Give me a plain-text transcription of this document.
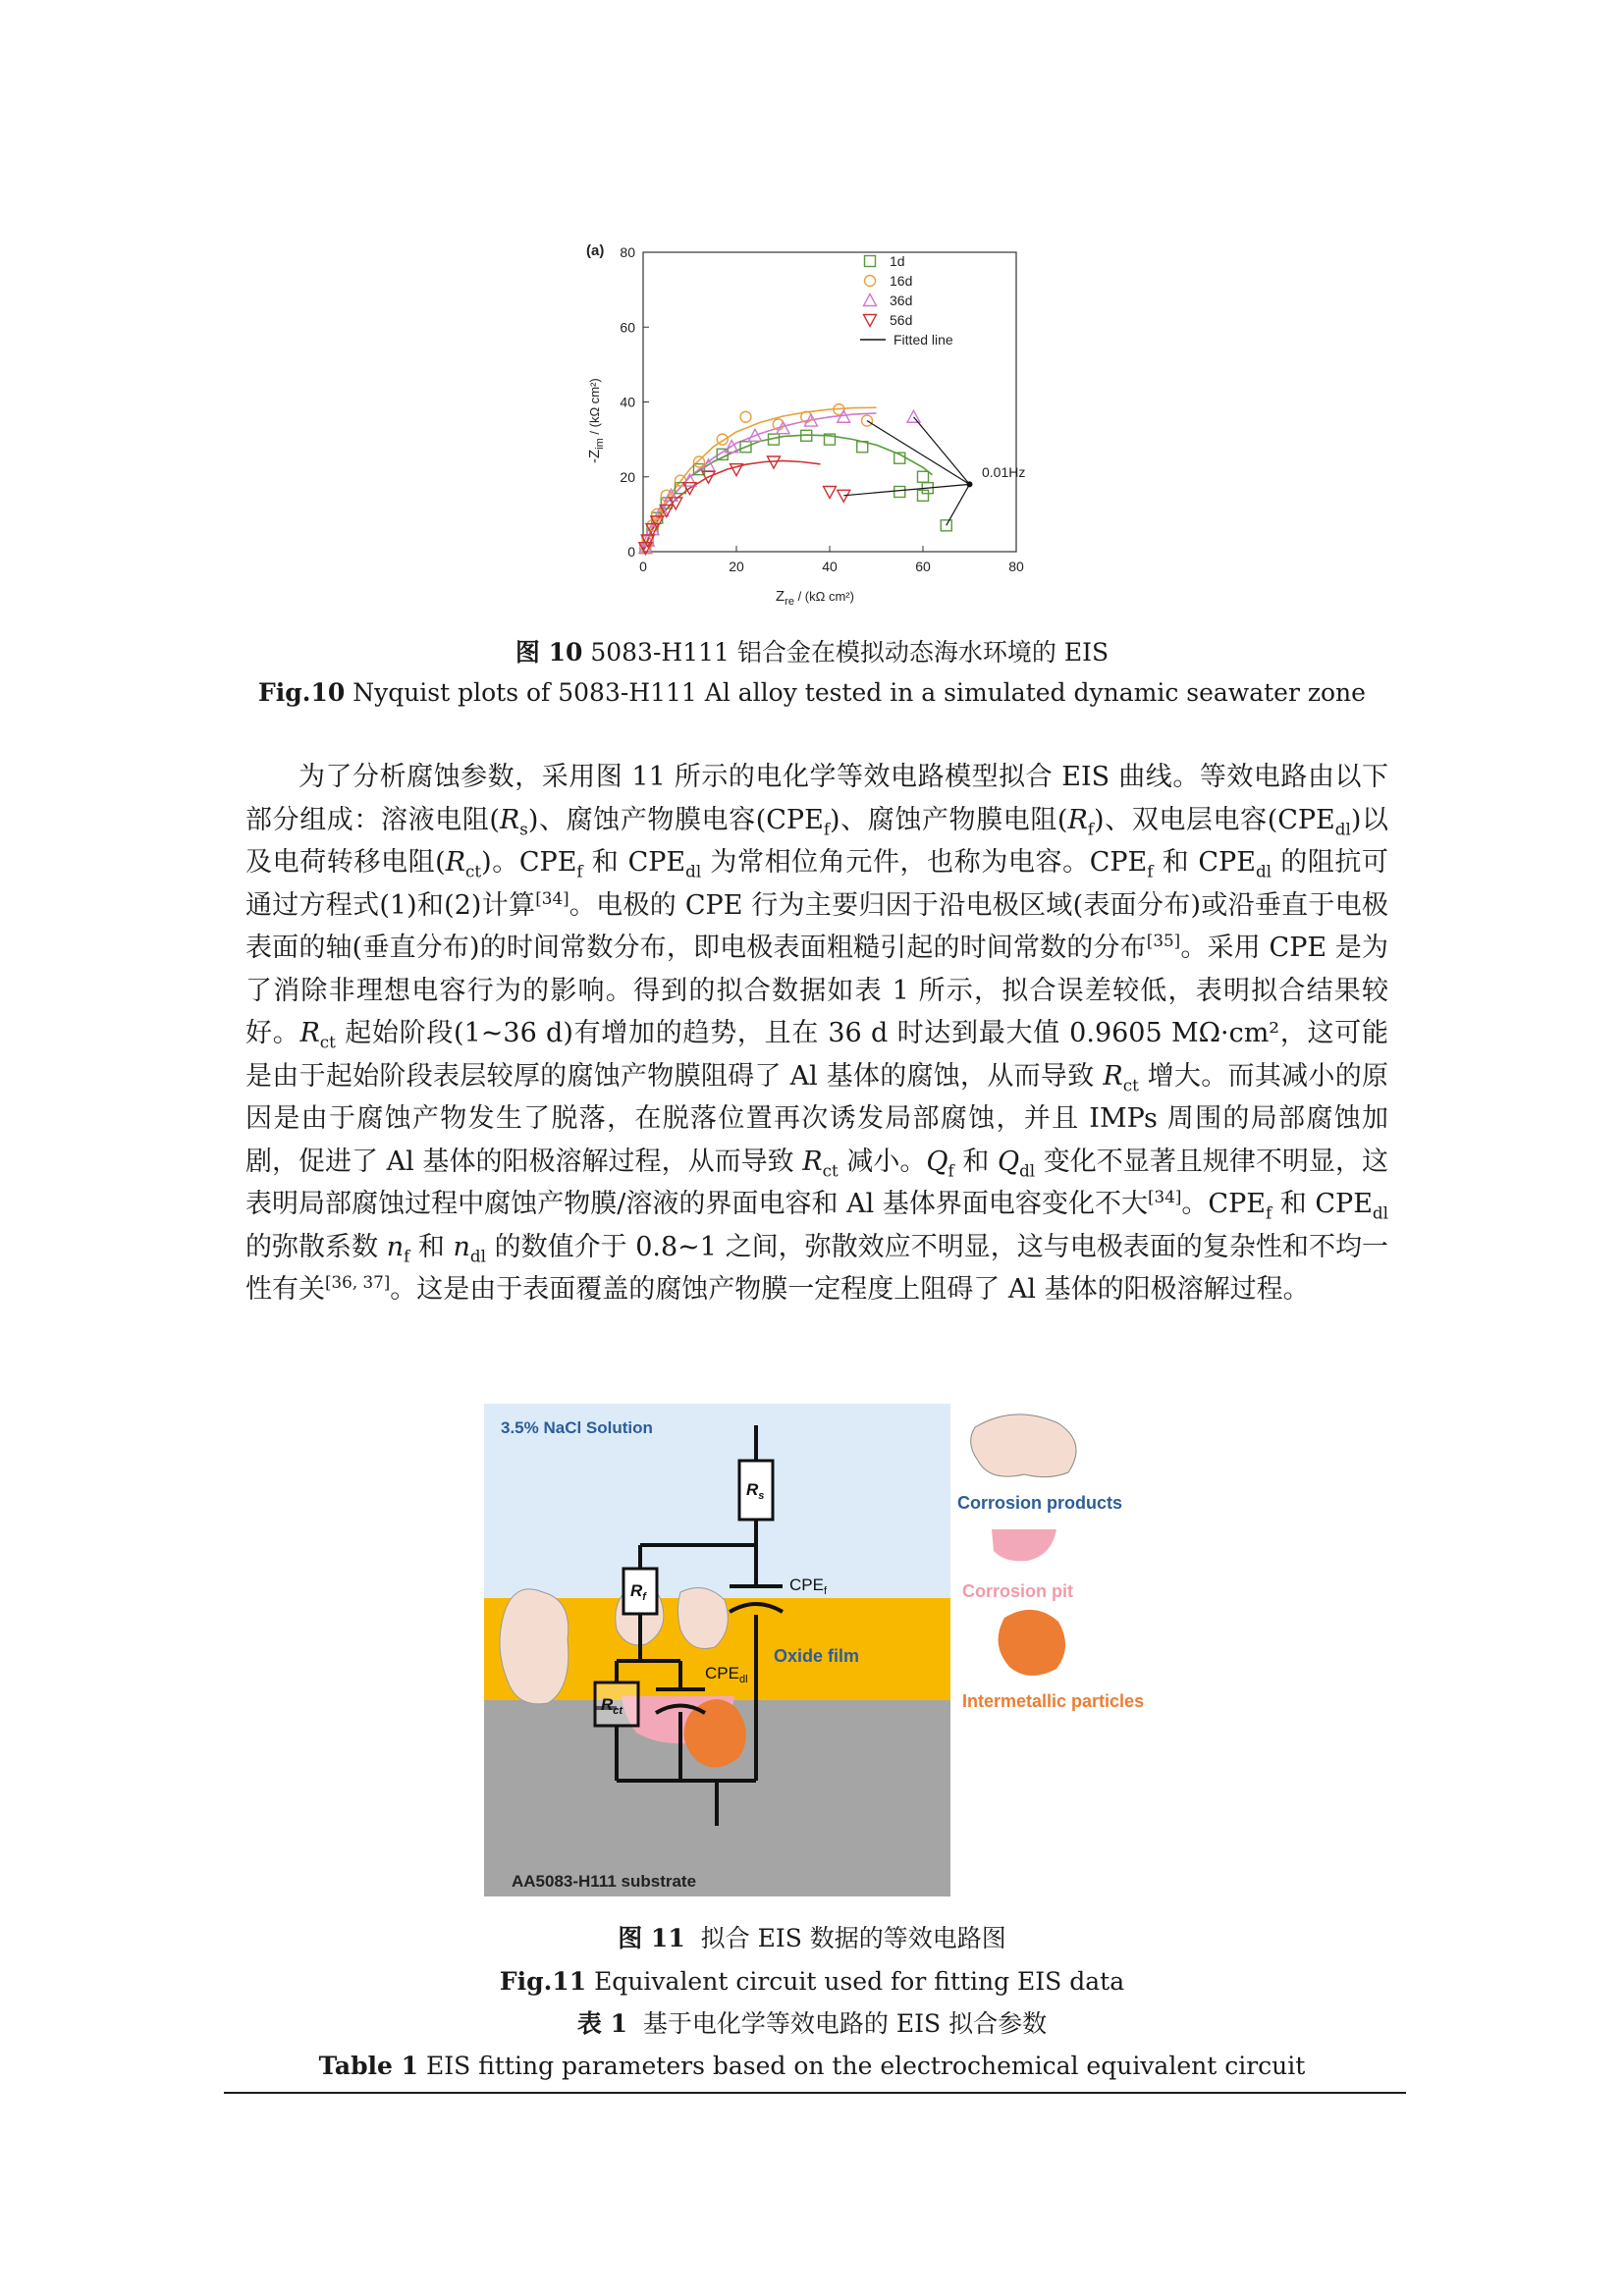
(a)
0	20	40	60	80
0
20
40
60
80
0.01Hz
1d
16d
36d
56d
Fitted line
$Z_{re} / (k\Omega$ cm²)
$-Z_{im} / (k\Omega$ cm²)
图 10 5083-H111 铝合金在模拟动态海水环境的 EIS
Fig.10 Nyquist plots of 5083-H111 Al alloy tested in a simulated dynamic seawater zone
为了分析腐蚀参数，采用图 11 所示的电化学等效电路模型拟合 EIS 曲线。等效电路由以下部分组成：溶液电阻$(R_s)$、腐蚀产物膜电容$(CPE_f)$、腐蚀产物膜电阻$(R_f)$、双电层电容$(CPE_{dl})$以及电荷转移电阻$(R_{ct})$。$CPE_f$ 和 $CPE_{dl}$ 为常相位角元件，也称为电容。$CPE_f$ 和 $CPE_{dl}$ 的阻抗可通过方程式(1)和(2)计算[34]。电极的 CPE 行为主要归因于沿电极区域(表面分布)或沿垂直于电极表面的轴(垂直分布)的时间常数分布，即电极表面粗糙引起的时间常数的分布[35]。采用 CPE 是为了消除非理想电容行为的影响。得到的拟合数据如表 1 所示，拟合误差较低，表明拟合结果较好。$R_{ct}$ 起始阶段(1~36 d)有增加的趋势，且在 36 d 时达到最大值 0.9605 MΩ·cm²，这可能是由于起始阶段表层较厚的腐蚀产物膜阻碍了 Al 基体的腐蚀，从而导致 $R_{ct}$ 增大。而其减小的原因是由于腐蚀产物发生了脱落，在脱落位置再次诱发局部腐蚀，并且 IMPs 周围的局部腐蚀加剧，促进了 Al 基体的阳极溶解过程，从而导致 $R_{ct}$ 减小。$Q_f$ 和 $Q_{dl}$ 变化不显著且规律不明显，这表明局部腐蚀过程中腐蚀产物膜/溶液的界面电容和 Al 基体界面电容变化不大[34]。$CPE_f$ 和 $CPE_{dl}$ 的弥散系数 $n_f$ 和 $n_{dl}$ 的数值介于 0.8~1 之间，弥散效应不明显，这与电极表面的复杂性和不均一性有关[36, 37]。这是由于表面覆盖的腐蚀产物膜一定程度上阻碍了 Al 基体的阳极溶解过程。
$R_s$
$R_f$
$R_{ct}$
$CPE_f$
$CPE_{dl}$
3.5% NaCl Solution
Oxide film
AA5083-H111 substrate
Corrosion products
Corrosion pit
Intermetallic particles
图 11 拟合 EIS 数据的等效电路图
Fig.11 Equivalent circuit used for fitting EIS data
表 1 基于电化学等效电路的 EIS 拟合参数
Table 1 EIS fitting parameters based on the electrochemical equivalent circuit
